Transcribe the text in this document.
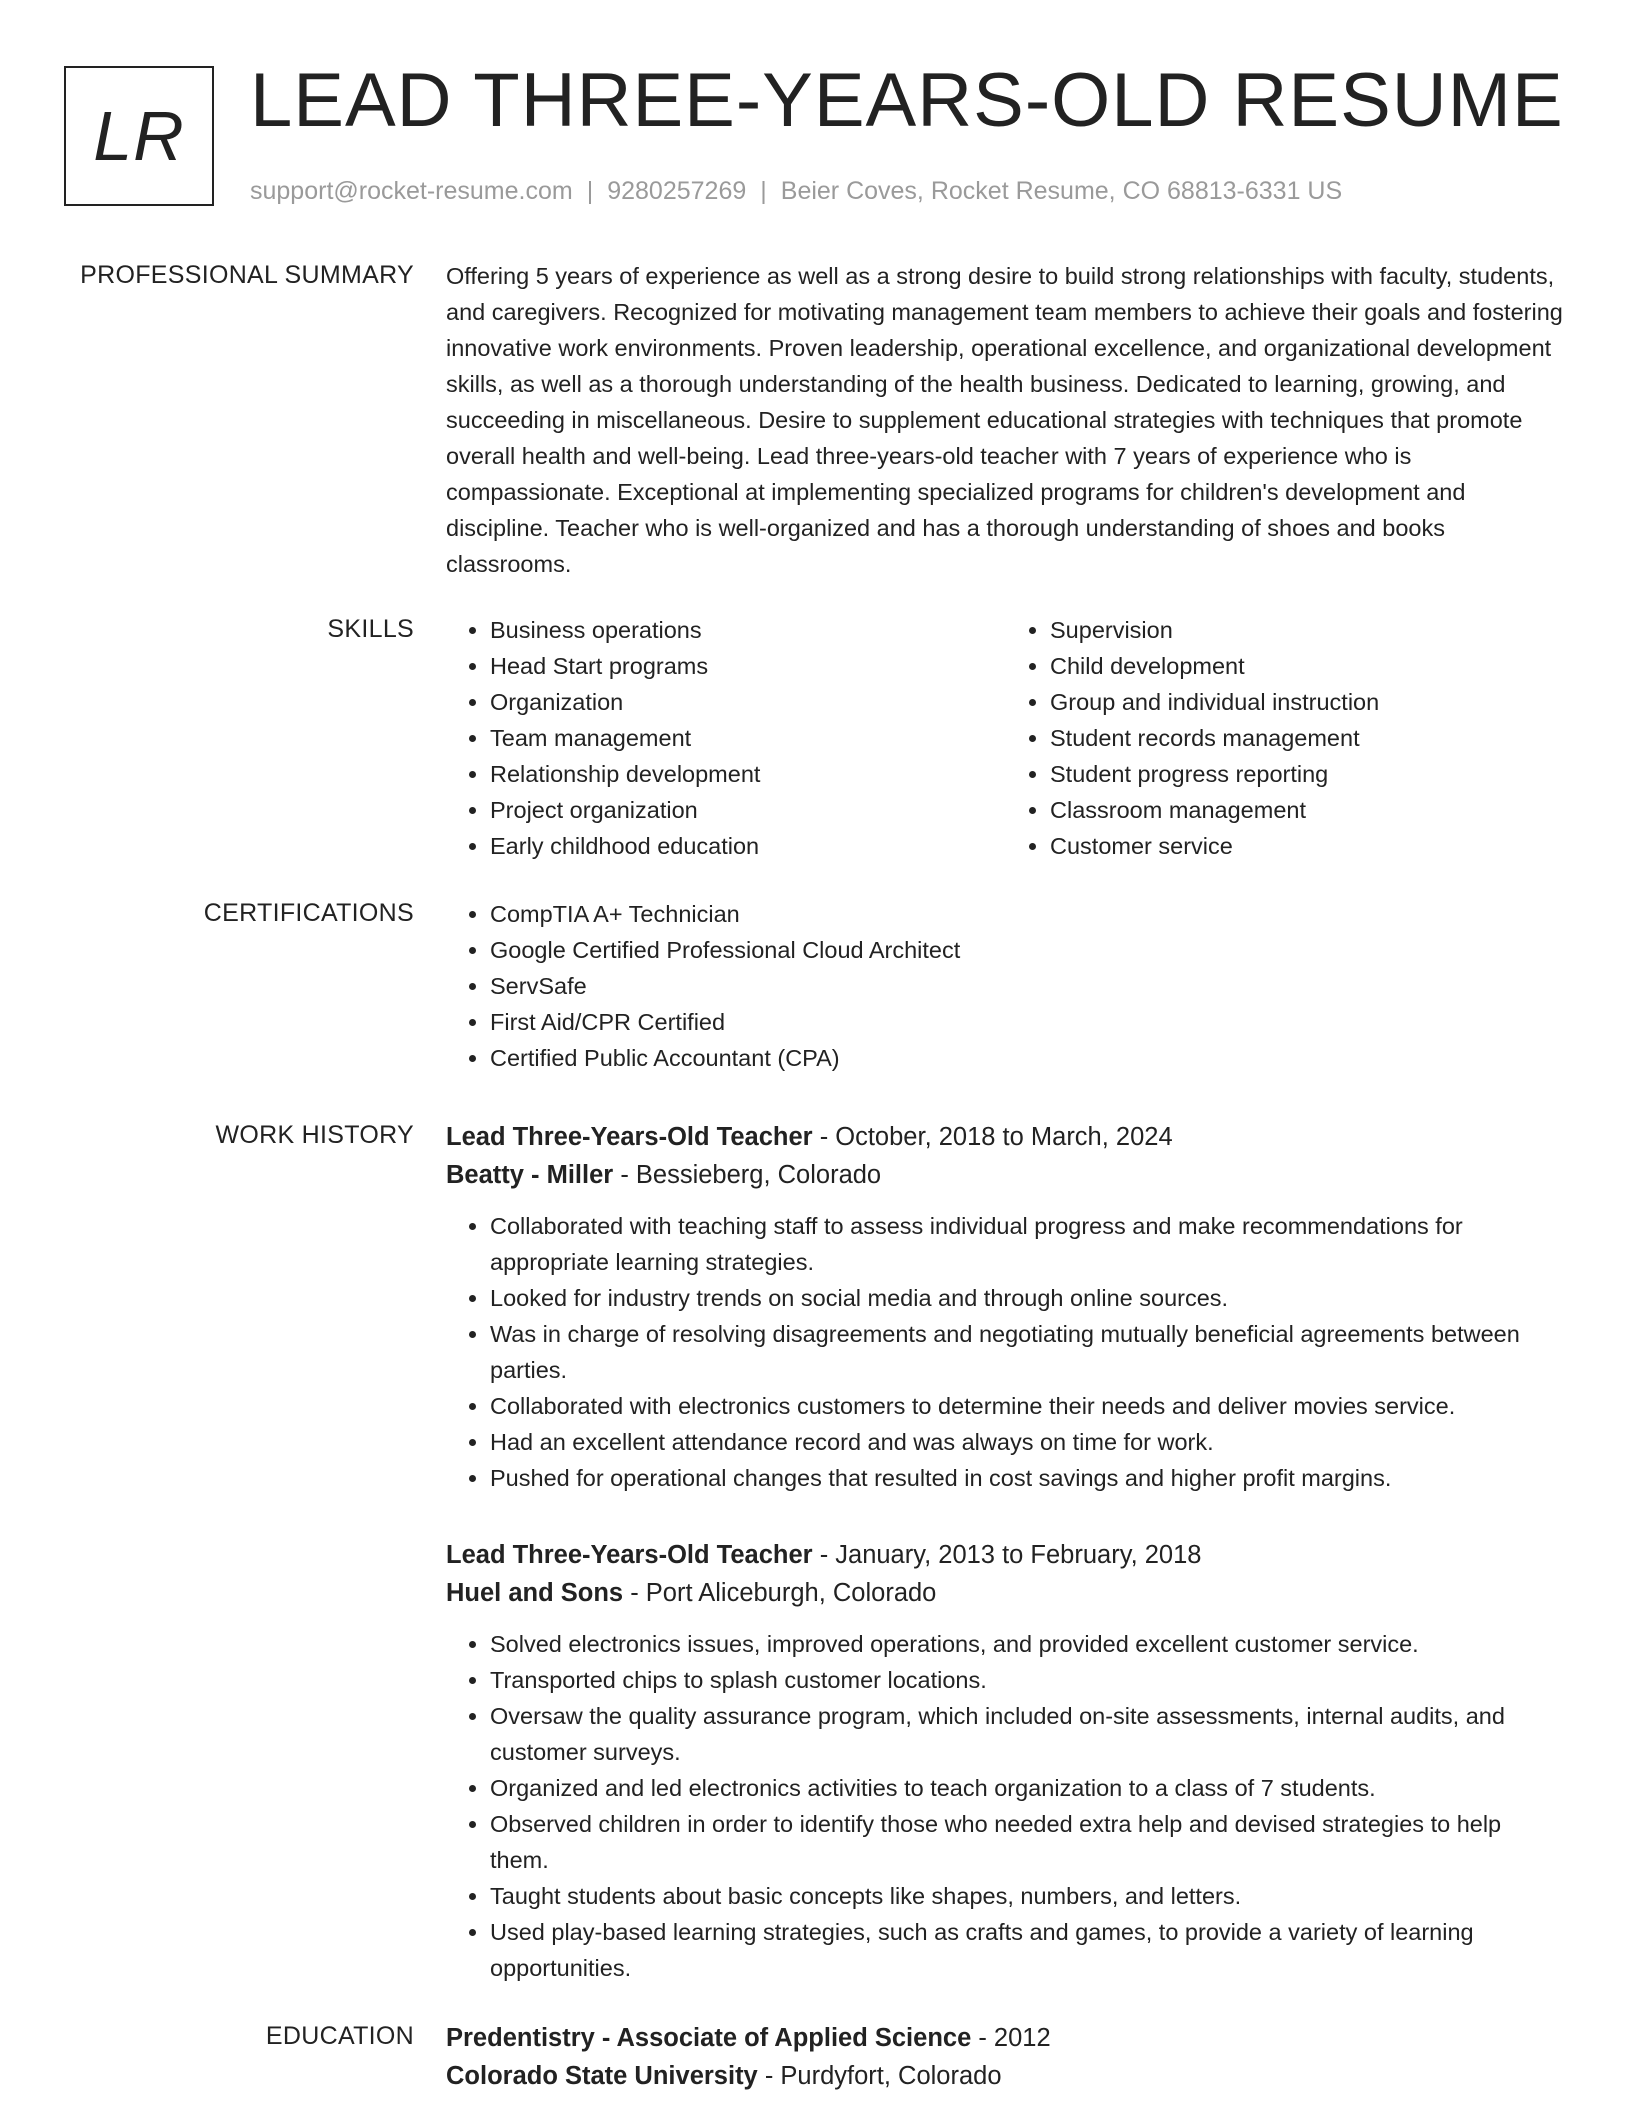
LR LEAD THREE-YEARS-OLD RESUME
support@rocket-resume.com | 9280257269 | Beier Coves, Rocket Resume, CO 68813-6331 US
PROFESSIONAL SUMMARY Offering 5 years of experience as well as a strong desire to build strong relationships with faculty, students, and caregivers. Recognized for motivating management team members to achieve their goals and fostering innovative work environments. Proven leadership, operational excellence, and organizational development skills, as well as a thorough understanding of the health business. Dedicated to learning, growing, and succeeding in miscellaneous. Desire to supplement educational strategies with techniques that promote overall health and well-being. Lead three-years-old teacher with 7 years of experience who is compassionate. Exceptional at implementing specialized programs for children's development and discipline. Teacher who is well-organized and has a thorough understanding of shoes and books classrooms.

SKILLS	• Business operations
• Head Start programs
• Organization
• Team management
• Relationship development
• Project organization
• Early childhood education
• Supervision
• Child development
• Group and individual instruction
• Student records management
• Student progress reporting
• Classroom management
• Customer service
CERTIFICATIONS	• CompTIA A+ Technician
• Google Certified Professional Cloud Architect
• ServSafe
• First Aid/CPR Certified
• Certified Public Accountant (CPA)
WORK HISTORY Lead Three-Years-Old Teacher - October, 2018 to March, 2024
Beatty - Miller - Bessieberg, Colorado
• Collaborated with teaching staff to assess individual progress and make recommendations for appropriate learning strategies.
• Looked for industry trends on social media and through online sources.
• Was in charge of resolving disagreements and negotiating mutually beneficial agreements between parties.
• Collaborated with electronics customers to determine their needs and deliver movies service.
• Had an excellent attendance record and was always on time for work.
• Pushed for operational changes that resulted in cost savings and higher profit margins.
Lead Three-Years-Old Teacher - January, 2013 to February, 2018
Huel and Sons - Port Aliceburgh, Colorado
• Solved electronics issues, improved operations, and provided excellent customer service.
• Transported chips to splash customer locations.
• Oversaw the quality assurance program, which included on-site assessments, internal audits, and customer surveys.
• Organized and led electronics activities to teach organization to a class of 7 students.
• Observed children in order to identify those who needed extra help and devised strategies to help them.
• Taught students about basic concepts like shapes, numbers, and letters.
• Used play-based learning strategies, such as crafts and games, to provide a variety of learning opportunities.
EDUCATION Predentistry - Associate of Applied Science - 2012
Colorado State University - Purdyfort, Colorado
